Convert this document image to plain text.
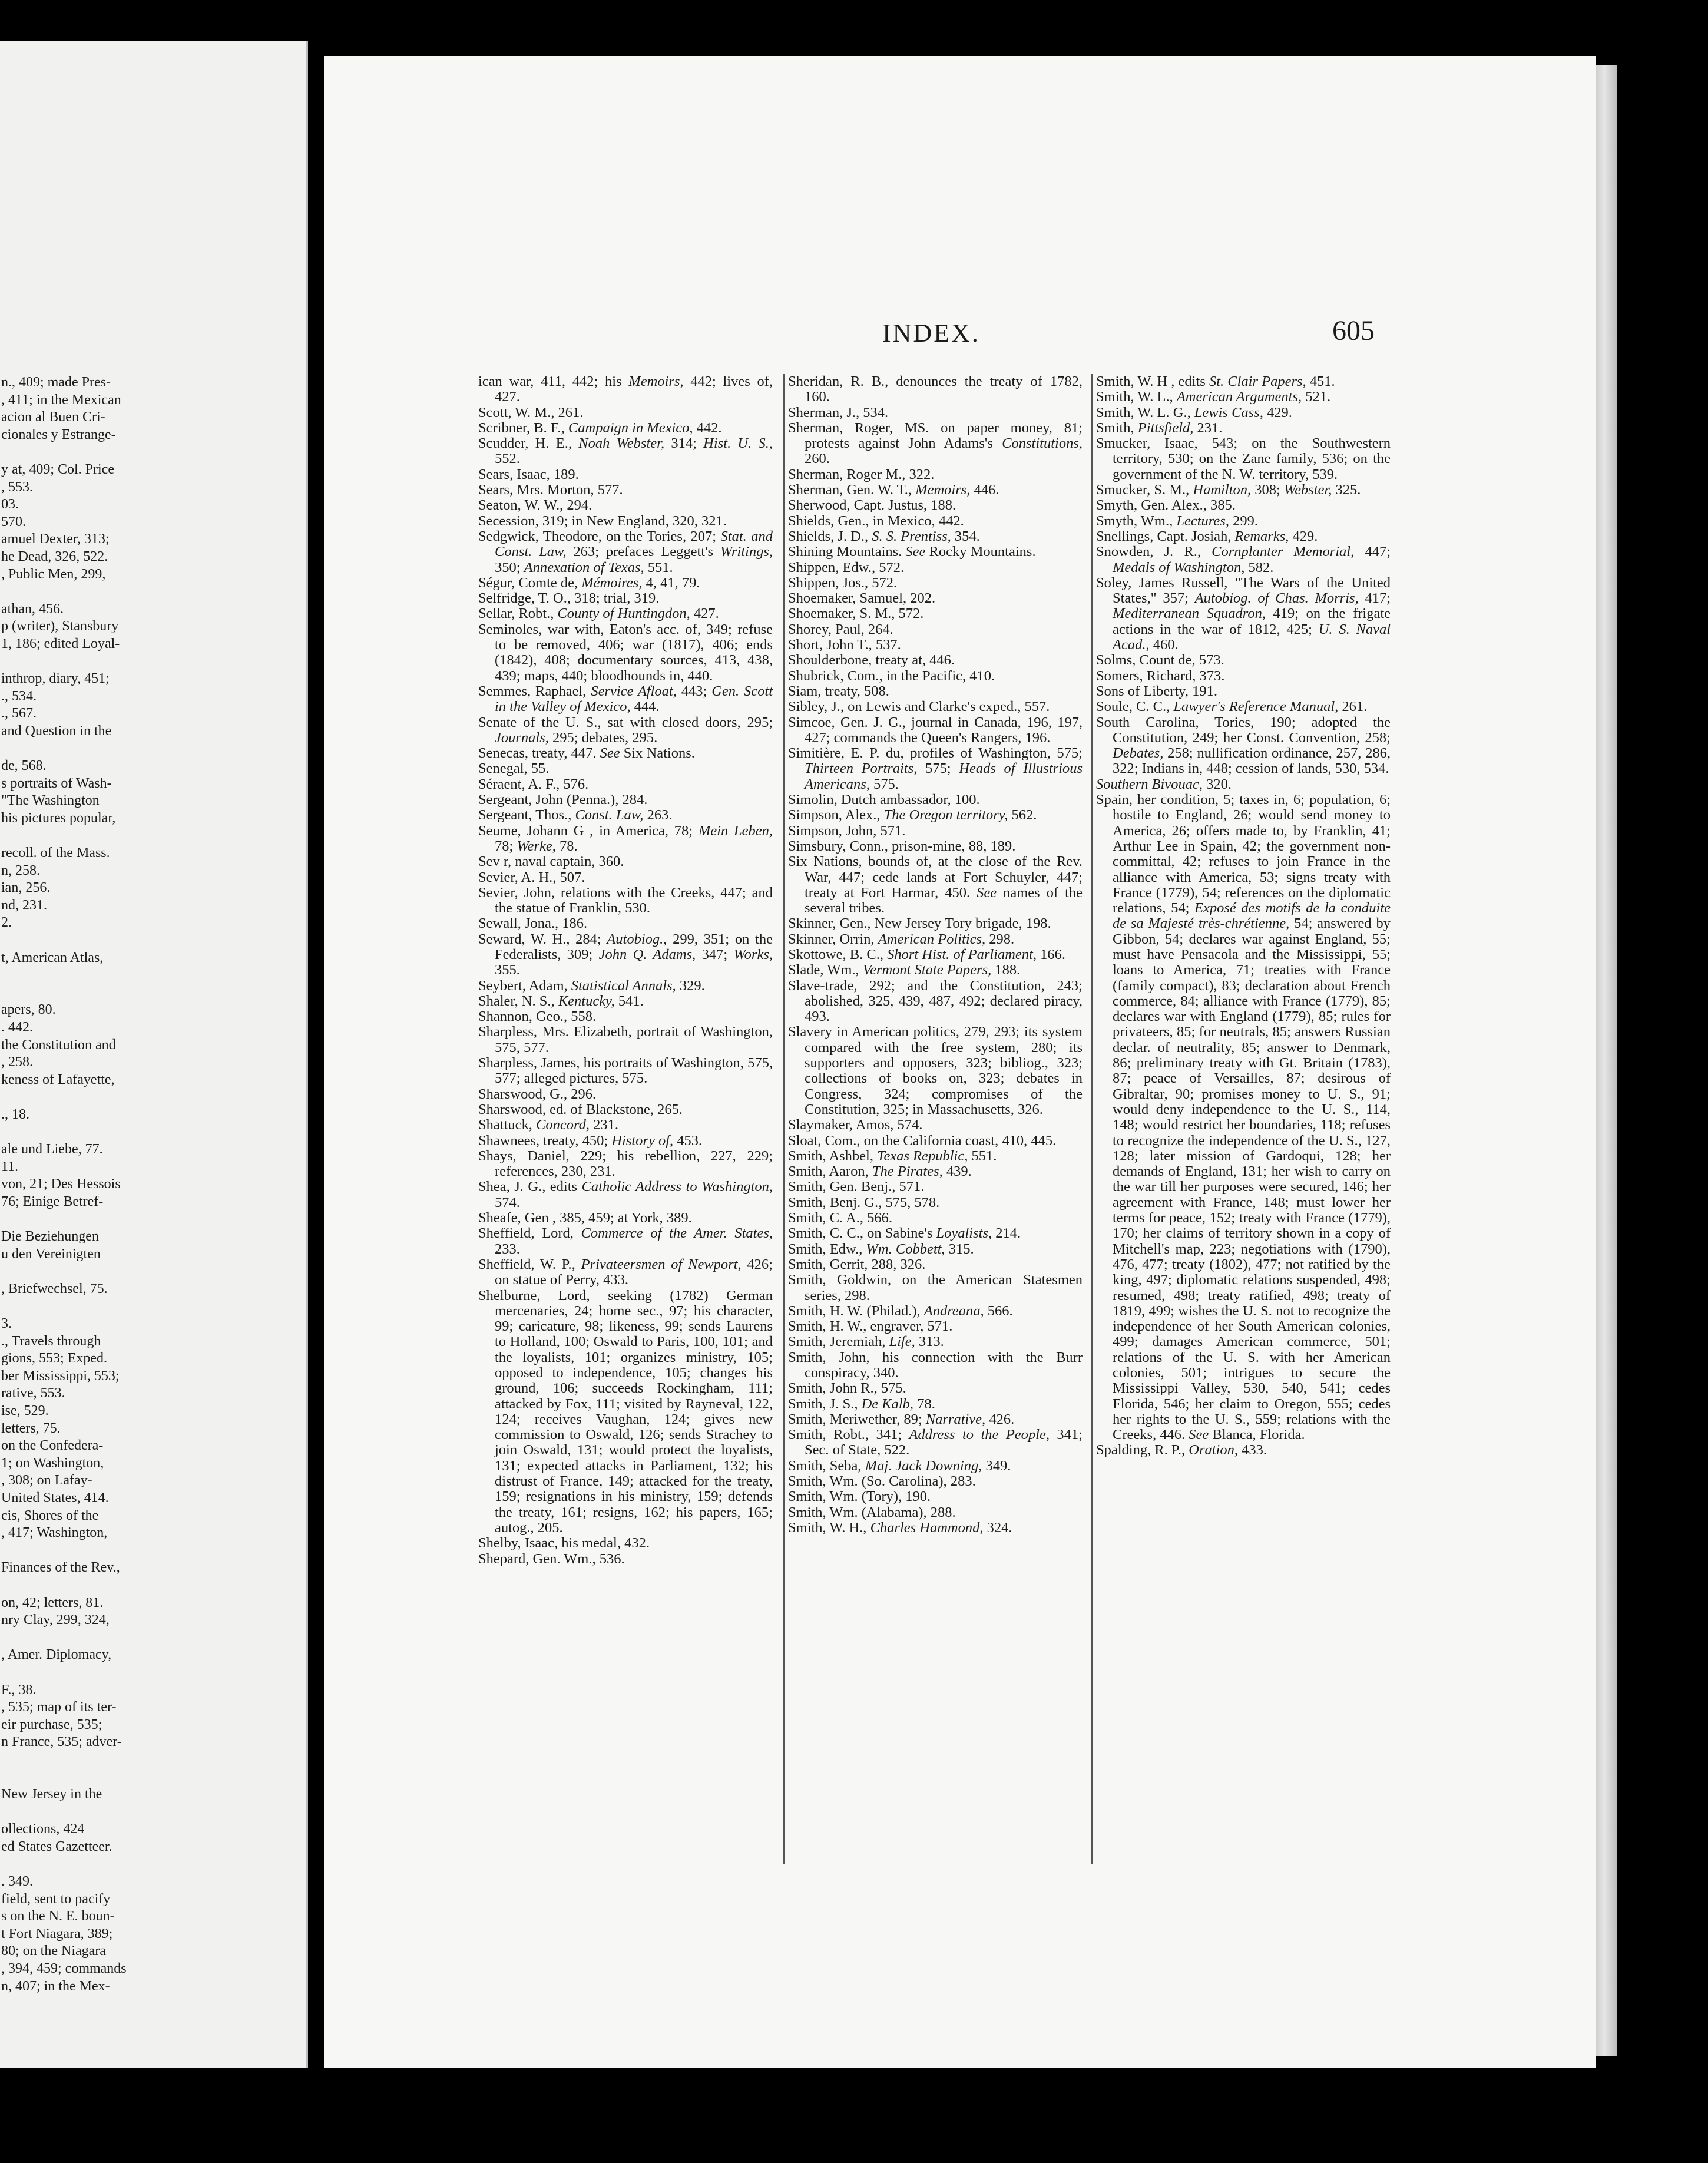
n., 409; made Pres-
, 411; in the Mexican
acion al Buen Cri-
cionales y Estrange-

y at, 409; Col. Price
, 553.
03.
570.
amuel Dexter, 313;
he Dead, 326, 522.
, Public Men, 299,

athan, 456.
p (writer), Stansbury
1, 186; edited Loyal-

inthrop, diary, 451;
., 534.
., 567.
and Question in the

de, 568.
s portraits of Wash-
"The Washington
his pictures popular,

recoll. of the Mass.
n, 258.
ian, 256.
nd, 231.
2.

t, American Atlas,

apers, 80.
. 442.
the Constitution and
, 258.
keness of Lafayette,

., 18.

ale und Liebe, 77.
11.
von, 21; Des Hessois
76; Einige Betref-

Die Beziehungen
u den Vereinigten

, Briefwechsel, 75.

3.
., Travels through
gions, 553; Exped.
ber Mississippi, 553;
rative, 553.
ise, 529.
letters, 75.
on the Confedera-
1; on Washington,
, 308; on Lafay-
United States, 414.
cis, Shores of the
, 417; Washington,

Finances of the Rev.,

on, 42; letters, 81.
nry Clay, 299, 324,

, Amer. Diplomacy,

F., 38.
, 535; map of its ter-
eir purchase, 535;
n France, 535; adver-

New Jersey in the

ollections, 424
ed States Gazetteer.

. 349.
field, sent to pacify
s on the N. E. boun-
t Fort Niagara, 389;
80; on the Niagara
, 394, 459; commands
n, 407; in the Mex-
INDEX.	605
ican war, 411, 442; his Memoirs, 442; lives of, 427.
Scott, W. M., 261.
Scribner, B. F., Campaign in Mexico, 442.
Scudder, H. E., Noah Webster, 314; Hist. U. S., 552.
Sears, Isaac, 189.
Sears, Mrs. Morton, 577.
Seaton, W. W., 294.
Secession, 319; in New England, 320, 321.
Sedgwick, Theodore, on the Tories, 207; Stat. and Const. Law, 263; prefaces Leggett's Writings, 350; Annexation of Texas, 551.
Ségur, Comte de, Mémoires, 4, 41, 79.
Selfridge, T. O., 318; trial, 319.
Sellar, Robt., County of Huntingdon, 427.
Seminoles, war with, Eaton's acc. of, 349; refuse to be removed, 406; war (1817), 406; ends (1842), 408; documentary sources, 413, 438, 439; maps, 440; bloodhounds in, 440.
Semmes, Raphael, Service Afloat, 443; Gen. Scott in the Valley of Mexico, 444.
Senate of the U. S., sat with closed doors, 295; Journals, 295; debates, 295.
Senecas, treaty, 447. See Six Nations.
Senegal, 55.
Séraent, A. F., 576.
Sergeant, John (Penna.), 284.
Sergeant, Thos., Const. Law, 263.
Seume, Johann G , in America, 78; Mein Leben, 78; Werke, 78.
Sev r, naval captain, 360.
Sevier, A. H., 507.
Sevier, John, relations with the Creeks, 447; and the statue of Franklin, 530.
Sewall, Jona., 186.
Seward, W. H., 284; Autobiog., 299, 351; on the Federalists, 309; John Q. Adams, 347; Works, 355.
Seybert, Adam, Statistical Annals, 329.
Shaler, N. S., Kentucky, 541.
Shannon, Geo., 558.
Sharpless, Mrs. Elizabeth, portrait of Washington, 575, 577.
Sharpless, James, his portraits of Washington, 575, 577; alleged pictures, 575.
Sharswood, G., 296.
Sharswood, ed. of Blackstone, 265.
Shattuck, Concord, 231.
Shawnees, treaty, 450; History of, 453.
Shays, Daniel, 229; his rebellion, 227, 229; references, 230, 231.
Shea, J. G., edits Catholic Address to Washington, 574.
Sheafe, Gen , 385, 459; at York, 389.
Sheffield, Lord, Commerce of the Amer. States, 233.
Sheffield, W. P., Privateersmen of Newport, 426; on statue of Perry, 433.
Shelburne, Lord, seeking (1782) German mercenaries, 24; home sec., 97; his character, 99; caricature, 98; likeness, 99; sends Laurens to Holland, 100; Oswald to Paris, 100, 101; and the loyalists, 101; organizes ministry, 105; opposed to independence, 105; changes his ground, 106; succeeds Rockingham, 111; attacked by Fox, 111; visited by Rayneval, 122, 124; receives Vaughan, 124; gives new commission to Oswald, 126; sends Strachey to join Oswald, 131; would protect the loyalists, 131; expected attacks in Parliament, 132; his distrust of France, 149; attacked for the treaty, 159; resignations in his ministry, 159; defends the treaty, 161; resigns, 162; his papers, 165; autog., 205.
Shelby, Isaac, his medal, 432.
Shepard, Gen. Wm., 536.
Sheridan, R. B., denounces the treaty of 1782, 160.
Sherman, J., 534.
Sherman, Roger, MS. on paper money, 81; protests against John Adams's Constitutions, 260.
Sherman, Roger M., 322.
Sherman, Gen. W. T., Memoirs, 446.
Sherwood, Capt. Justus, 188.
Shields, Gen., in Mexico, 442.
Shields, J. D., S. S. Prentiss, 354.
Shining Mountains. See Rocky Mountains.
Shippen, Edw., 572.
Shippen, Jos., 572.
Shoemaker, Samuel, 202.
Shoemaker, S. M., 572.
Shorey, Paul, 264.
Short, John T., 537.
Shoulderbone, treaty at, 446.
Shubrick, Com., in the Pacific, 410.
Siam, treaty, 508.
Sibley, J., on Lewis and Clarke's exped., 557.
Simcoe, Gen. J. G., journal in Canada, 196, 197, 427; commands the Queen's Rangers, 196.
Simitière, E. P. du, profiles of Washington, 575; Thirteen Portraits, 575; Heads of Illustrious Americans, 575.
Simolin, Dutch ambassador, 100.
Simpson, Alex., The Oregon territory, 562.
Simpson, John, 571.
Simsbury, Conn., prison-mine, 88, 189.
Six Nations, bounds of, at the close of the Rev. War, 447; cede lands at Fort Schuyler, 447; treaty at Fort Harmar, 450. See names of the several tribes.
Skinner, Gen., New Jersey Tory brigade, 198.
Skinner, Orrin, American Politics, 298.
Skottowe, B. C., Short Hist. of Parliament, 166.
Slade, Wm., Vermont State Papers, 188.
Slave-trade, 292; and the Constitution, 243; abolished, 325, 439, 487, 492; declared piracy, 493.
Slavery in American politics, 279, 293; its system compared with the free system, 280; its supporters and opposers, 323; bibliog., 323; collections of books on, 323; debates in Congress, 324; compromises of the Constitution, 325; in Massachusetts, 326.
Slaymaker, Amos, 574.
Sloat, Com., on the California coast, 410, 445.
Smith, Ashbel, Texas Republic, 551.
Smith, Aaron, The Pirates, 439.
Smith, Gen. Benj., 571.
Smith, Benj. G., 575, 578.
Smith, C. A., 566.
Smith, C. C., on Sabine's Loyalists, 214.
Smith, Edw., Wm. Cobbett, 315.
Smith, Gerrit, 288, 326.
Smith, Goldwin, on the American Statesmen series, 298.
Smith, H. W. (Philad.), Andreana, 566.
Smith, H. W., engraver, 571.
Smith, Jeremiah, Life, 313.
Smith, John, his connection with the Burr conspiracy, 340.
Smith, John R., 575.
Smith, J. S., De Kalb, 78.
Smith, Meriwether, 89; Narrative, 426.
Smith, Robt., 341; Address to the People, 341; Sec. of State, 522.
Smith, Seba, Maj. Jack Downing, 349.
Smith, Wm. (So. Carolina), 283.
Smith, Wm. (Tory), 190.
Smith, Wm. (Alabama), 288.
Smith, W. H., Charles Hammond, 324.
Smith, W. H , edits St. Clair Papers, 451.
Smith, W. L., American Arguments, 521.
Smith, W. L. G., Lewis Cass, 429.
Smith, Pittsfield, 231.
Smucker, Isaac, 543; on the Southwestern territory, 530; on the Zane family, 536; on the government of the N. W. territory, 539.
Smucker, S. M., Hamilton, 308; Webster, 325.
Smyth, Gen. Alex., 385.
Smyth, Wm., Lectures, 299.
Snellings, Capt. Josiah, Remarks, 429.
Snowden, J. R., Cornplanter Memorial, 447; Medals of Washington, 582.
Soley, James Russell, "The Wars of the United States," 357; Autobiog. of Chas. Morris, 417; Mediterranean Squadron, 419; on the frigate actions in the war of 1812, 425; U. S. Naval Acad., 460.
Solms, Count de, 573.
Somers, Richard, 373.
Sons of Liberty, 191.
Soule, C. C., Lawyer's Reference Manual, 261.
South Carolina, Tories, 190; adopted the Constitution, 249; her Const. Convention, 258; Debates, 258; nullification ordinance, 257, 286, 322; Indians in, 448; cession of lands, 530, 534.
Southern Bivouac, 320.
Spain, her condition, 5; taxes in, 6; population, 6; hostile to England, 26; would send money to America, 26; offers made to, by Franklin, 41; Arthur Lee in Spain, 42; the government non-committal, 42; refuses to join France in the alliance with America, 53; signs treaty with France (1779), 54; references on the diplomatic relations, 54; Exposé des motifs de la conduite de sa Majesté très-chrétienne, 54; answered by Gibbon, 54; declares war against England, 55; must have Pensacola and the Mississippi, 55; loans to America, 71; treaties with France (family compact), 83; declaration about French commerce, 84; alliance with France (1779), 85; declares war with England (1779), 85; rules for privateers, 85; for neutrals, 85; answers Russian declar. of neutrality, 85; answer to Denmark, 86; preliminary treaty with Gt. Britain (1783), 87; peace of Versailles, 87; desirous of Gibraltar, 90; promises money to U. S., 91; would deny independence to the U. S., 114, 148; would restrict her boundaries, 118; refuses to recognize the independence of the U. S., 127, 128; later mission of Gardoqui, 128; her demands of England, 131; her wish to carry on the war till her purposes were secured, 146; her agreement with France, 148; must lower her terms for peace, 152; treaty with France (1779), 170; her claims of territory shown in a copy of Mitchell's map, 223; negotiations with (1790), 476, 477; treaty (1802), 477; not ratified by the king, 497; diplomatic relations suspended, 498; resumed, 498; treaty ratified, 498; treaty of 1819, 499; wishes the U. S. not to recognize the independence of her South American colonies, 499; damages American commerce, 501; relations of the U. S. with her American colonies, 501; intrigues to secure the Mississippi Valley, 530, 540, 541; cedes Florida, 546; her claim to Oregon, 555; cedes her rights to the U. S., 559; relations with the Creeks, 446. See Blanca, Florida.
Spalding, R. P., Oration, 433.
